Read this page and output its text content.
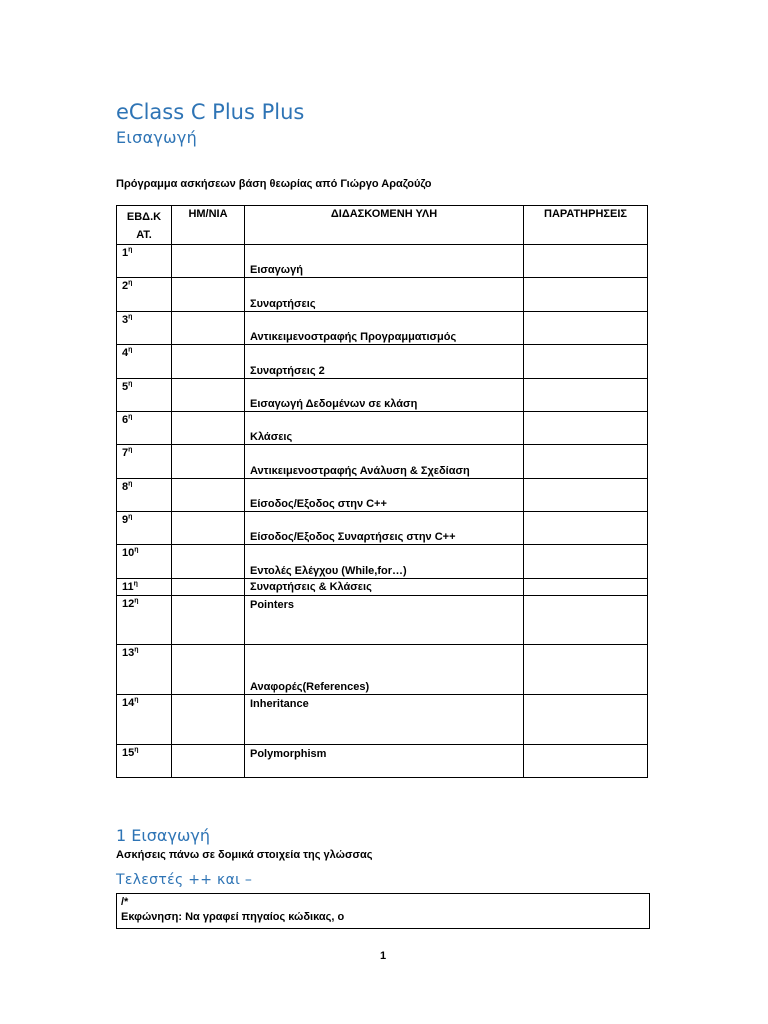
eClass C Plus Plus
Εισαγωγή
Πρόγραμμα ασκήσεων βάση θεωρίας από Γιώργο Αραζούζο
ΕΒΔ.Κ ΑΤ.	ΗΜ/ΝΙΑ	ΔΙΔΑΣΚΟΜΕΝΗ ΥΛΗ	ΠΑΡΑΤΗΡΗΣΕΙΣ
$1^\eta$		Εισαγωγή	
$2^\eta$		Συναρτήσεις	
$3^\eta$		Αντικειμενοστραφής Προγραμματισμός	
$4^\eta$		Συναρτήσεις 2	
$5^\eta$		Εισαγωγή Δεδομένων σε κλάση	
$6^\eta$		Κλάσεις	
$7^\eta$		Αντικειμενοστραφής Ανάλυση & Σχεδίαση	
$8^\eta$		Είσοδος/Εξοδος στην C++	
$9^\eta$		Είσοδος/Εξοδος Συναρτήσεις στην C++	
$10^\eta$		Εντολές Ελέγχου (While,for…)	
$11^\eta$		Συναρτήσεις & Κλάσεις	
$12^\eta$		Pointers	
$13^\eta$		Αναφορές(References)	
$14^\eta$		Inheritance	
$15^\eta$		Polymorphism	
1 Εισαγωγή
Ασκήσεις πάνω σε δομικά στοιχεία της γλώσσας
Τελεστές ++ και –
/*
Εκφώνηση: Να γραφεί πηγαίος κώδικας, ο
1
